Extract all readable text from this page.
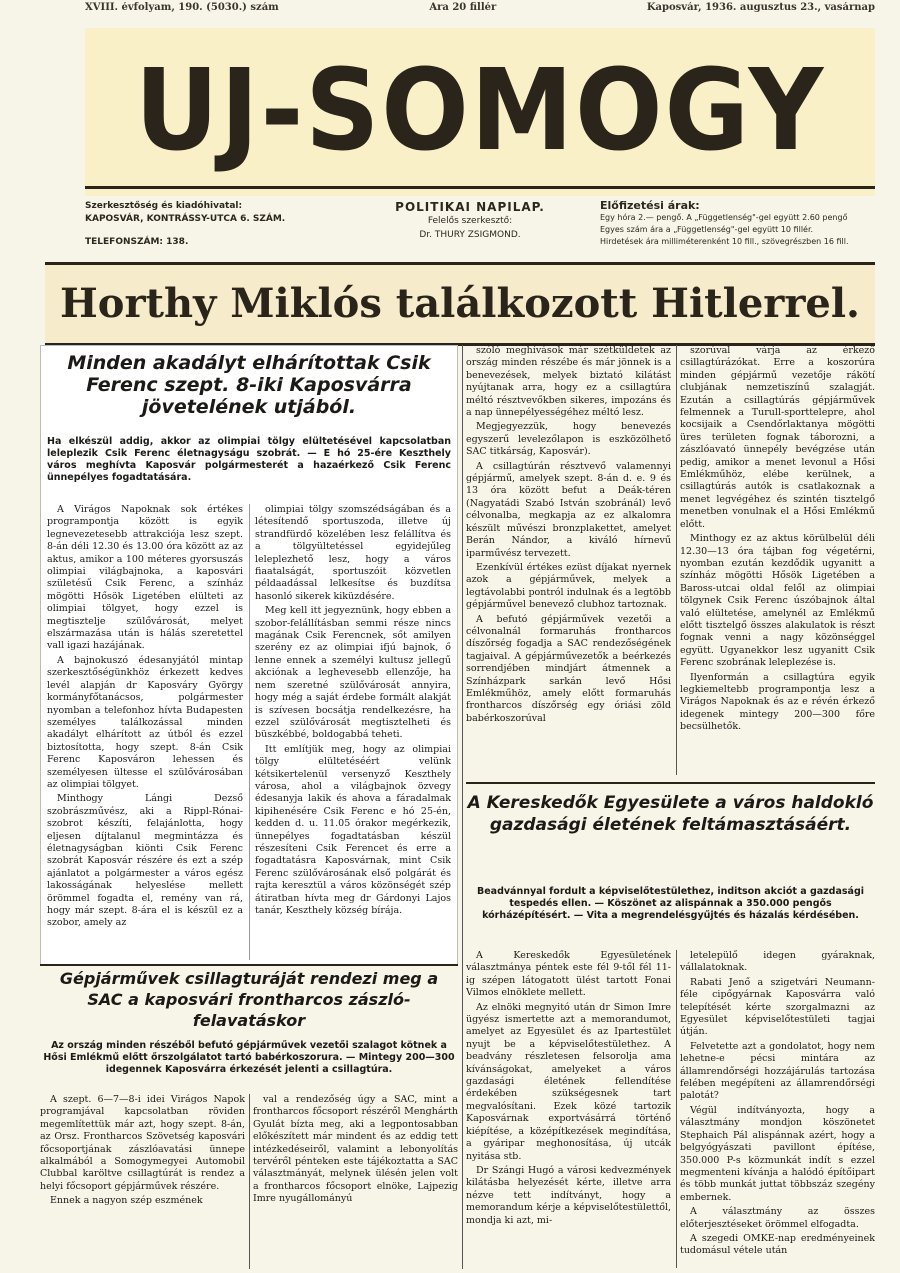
XVIII. évfolyam, 190. (5030.) szám	Ára 20 fillér	Kaposvár, 1936. augusztus 23., vasárnap
UJ-SOMOGY
Szerkesztőség és kiadóhivatal:
KAPOSVÁR, KONTRÁSSY-UTCA 6. SZÁM.
TELEFONSZÁM: 138.
POLITIKAI NAPILAP.
Felelős szerkesztő:
Dr. THURY ZSIGMOND.
Előfizetési árak:
Egy hóra 2.— pengő. A „Függetlenség"-gel együtt 2.60 pengő
Egyes szám ára a „Függetlenség"-gel együtt 10 fillér.
Hirdetések ára milliméterenként 10 fill., szövegrészben 16 fill.
Horthy Miklós találkozott Hitlerrel.
Minden akadályt elhárítottak Csik Ferenc szept. 8-iki Kaposvárra jövetelének utjából.
Ha elkészül addig, akkor az olimpiai tölgy elültetésével kapcsolatban leleplezik Csik Ferenc életnagyságu szobrát. — E hó 25-ére Keszthely város meghívta Kaposvár polgármesterét a hazaérkező Csik Ferenc ünnepélyes fogadtatására.

A Virágos Napoknak sok értékes programpontja között is egyik legnevezetesebb attrakciója lesz szept. 8-án déli 12.30 és 13.00 óra között az az aktus, amikor a 100 méteres gyorsuszás olimpiai világbajnoka, a kaposvári születésű Csik Ferenc, a színház mögötti Hősök Ligetében elülteti az olimpiai tölgyet, hogy ezzel is megtisztelje szülővárosát, melyet elszármazása után is hálás szeretettel vall igazi hazájának.

A bajnokuszó édesanyjától mintap szerkesztőségünkhöz érkezett kedves levél alapján dr Kaposváry György kormányfőtanácsos, polgármester nyomban a telefonhoz hívta Budapesten személyes találkozással minden akadályt elhárított az útból és ezzel biztosította, hogy szept. 8-án Csik Ferenc Kaposváron lehessen és személyesen ültesse el szülővárosában az olimpiai tölgyet.

Minthogy Lángi Dezső szobrászművész, aki a Rippl-Rónai-szobrot készíti, felajánlotta, hogy eljesen díjtalanul megmintázza és életnagyságban kiönti Csik Ferenc szobrát Kaposvár részére és ezt a szép ajánlatot a polgármester a város egész lakosságának helyeslése mellett örömmel fogadta el, remény van rá, hogy már szept. 8-ára el is készül ez a szobor, amely az

olimpiai tölgy szomszédságában és a létesítendő sportuszoda, illetve új strandfürdő közelében lesz felállítva és a tölgyültetéssel egyidejűleg leleplezhető lesz, hogy a város fiaatalságát, sportuszóit közvetlen példaadással lelkesítse és buzdítsa hasonló sikerek kiküzdésére.

Meg kell itt jegyeznünk, hogy ebben a szobor-felállításban semmi része nincs magának Csik Ferencnek, sőt amilyen szerény ez az olimpiai ifjú bajnok, ő lenne ennek a személyi kultusz jellegű akciónak a leghevesebb ellenzője, ha nem szeretné szülővárosát annyira, hogy még a saját érdebe formált alakját is szívesen bocsátja rendelkezésre, ha ezzel szülővárosát megtisztelheti és büszkébbé, boldogabbá teheti.

Itt említjük meg, hogy az olimpiai tölgy elültetéséért velünk kétsikertelenül versenyző Keszthely városa, ahol a világbajnok özvegy édesanyja lakik és ahova a fáradalmak kipihenésére Csik Ferenc e hó 25-én, kedden d. u. 11.05 órakor megérkezik, ünnepélyes fogadtatásban készül részesíteni Csik Ferencet és erre a fogadtatásra Kaposvárnak, mint Csik Ferenc szülővárosának első polgárát és rajta keresztül a város közönségét szép átiratban hívta meg dr Gárdonyi Lajos tanár, Keszthely község bírája.

szóló meghívások már szétküldetek az ország minden részébe és már jönnek is a benevezések, melyek biztató kilátást nyújtanak arra, hogy ez a csillagtúra méltó résztvevőkben sikeres, impozáns és a nap ünnepélyességéhez méltó lesz.

Megjegyezzük, hogy benevezés egyszerű levelezőlapon is eszközölhető SAC titkárság, Kaposvár).

A csillagtúrán résztvevő valamennyi gépjármű, amelyek szept. 8-án d. e. 9 és 13 óra között befut a Deák-téren (Nagyatádi Szabó István szobránál) levő célvonalba, megkapja az ez alkalomra készült művészi bronzplakettet, amelyet Berán Nándor, a kiváló hírnevű iparművész tervezett.

Ezenkívül értékes ezüst díjakat nyernek azok a gépjárművek, melyek a legtávolabbi pontról indulnak és a legtöbb gépjárművel benevező clubhoz tartoznak.

A befutó gépjárművek vezetői a célvonalnál formaruhás frontharcos díszőrség fogadja a SAC rendezőségének tagjaival. A gépjárművezetők a beérkezés sorrendjében mindjárt átmennek a Színházpark sarkán levő Hősi Emlékműhöz, amely előtt formaruhás frontharcos díszőrség egy óriási zöld babérkoszorúval

szorúval várja az érkező csillagtúrázókat. Erre a koszorúra minden gépjármű vezetője rákötí clubjának nemzetiszínű szalagját. Ezután a csillagtúrás gépjárművek felmennek a Turull-sporttelepre, ahol kocsijaik a Csendőrlaktanya mögötti üres területen fognak táborozni, a zászlóavató ünnepély bevégzése után pedig, amikor a menet levonul a Hősi Emlékműhöz, elébe kerülnek, a csillagtúrás autók is csatlakoznak a menet legvégéhez és szintén tisztelgő menetben vonulnak el a Hősi Emlékmű előtt.

Minthogy ez az aktus körülbelül déli 12.30—13 óra tájban fog végetérni, nyomban ezután kezdődik ugyanitt a színház mögötti Hősök Ligetében a Baross-utcai oldal felől az olimpiai tölgynek Csik Ferenc úszóbajnok által való elültetése, amelynél az Emlékmű előtt tisztelgő összes alakulatok is részt fognak venni a nagy közönséggel együtt. Ugyanekkor lesz ugyanitt Csik Ferenc szobrának leleplezése is.

Ilyenformán a csillagtúra egyik legkiemeltebb programpontja lesz a Virágos Napoknak és az e révén érkező idegenek mintegy 200—300 főre becsülhetők.

A Kereskedők Egyesülete a város haldokló gazdasági életének feltámasztásáért.
Beadvánnyal fordult a képviselőtestülethez, inditson akciót a gazdasági tespedés ellen. — Köszönet az alispánnak a 350.000 pengős kórházépítésért. — Vita a megrendelésgyűjtés és házalás kérdésében.

A Kereskedők Egyesületének választmánya péntek este fél 9-től fél 11-ig szépen látogatott ülést tartott Fonai Vilmos elnöklete mellett.

Az elnöki megnyitó után dr Simon Imre ügyész ismertette azt a memorandumot, amelyet az Egyesület és az Ipartestület nyujt be a képviselőtestülethez. A beadvány részletesen felsorolja ama kívánságokat, amelyeket a város gazdasági életének fellendítése érdekében szükségesnek tart megvalósítani. Ezek közé tartozik Kaposvárnak exportvásárrá történő kiépítése, a középítkezések megindítása, a gyáripar meghonosítása, új utcák nyitása stb.

Dr Szángi Hugó a városi kedvezmények kilátásba helyezését kérte, illetve arra nézve tett indítványt, hogy a memorandum kérje a képviselőtestülettől, mondja ki azt, mi-

letelepülő idegen gyáraknak, vállalatoknak.

Rabati Jenő a szigetvári Neumann-féle cipőgyárnak Kaposvárra való telepítését kérte szorgalmazni az Egyesület képviselőtestületi tagjai útján.

Felvetette azt a gondolatot, hogy nem lehetne-e pécsi mintára az államrendőrségi hozzájárulás tartozása felében megépíteni az államrendőrségi palotát?

Végül indítványozta, hogy a választmány mondjon köszönetet Stephaich Pál alispánnak azért, hogy a belgyógyászati pavillont építése, 350.000 P-s közmunkát indít s ezzel megmenteni kívánja a halódó építőipart és több munkát juttat többszáz szegény embernek.

A választmány az összes előterjesztéseket örömmel elfogadta.

A szegedi OMKE-nap eredményeinek tudomásul vétele után

Gépjárművek csillagturáját rendezi meg a SAC a kaposvári frontharcos zászló-felavatáskor
Az ország minden részéből befutó gépjárművek vezetői szalagot kötnek a Hősi Emlékmű előtt őrszolgálatot tartó babérkoszorura. — Mintegy 200—300 idegennek Kaposvárra érkezését jelenti a csillagtúra.

A szept. 6—7—8-i idei Virágos Napok programjával kapcsolatban röviden megemlítettük már azt, hogy szept. 8-án, az Orsz. Frontharcos Szövetség kaposvári főcsoportjának zászlóavatási ünnepe alkalmából a Somogymegyei Automobil Clubbal karöltve csillagtúrát is rendez a helyi főcsoport gépjárművek részére.

Ennek a nagyon szép eszmének

val a rendezőség úgy a SAC, mint a frontharcos főcsoport részéről Menghárth Gyulát bízta meg, aki a legpontosabban előkészített már mindent és az eddig tett intézkedéseiről, valamint a lebonyolítás tervéről pénteken este tájékoztatta a SAC választmányát, melynek ülésén jelen volt a frontharcos főcsoport elnöke, Lajpezig Imre nyugállományú
